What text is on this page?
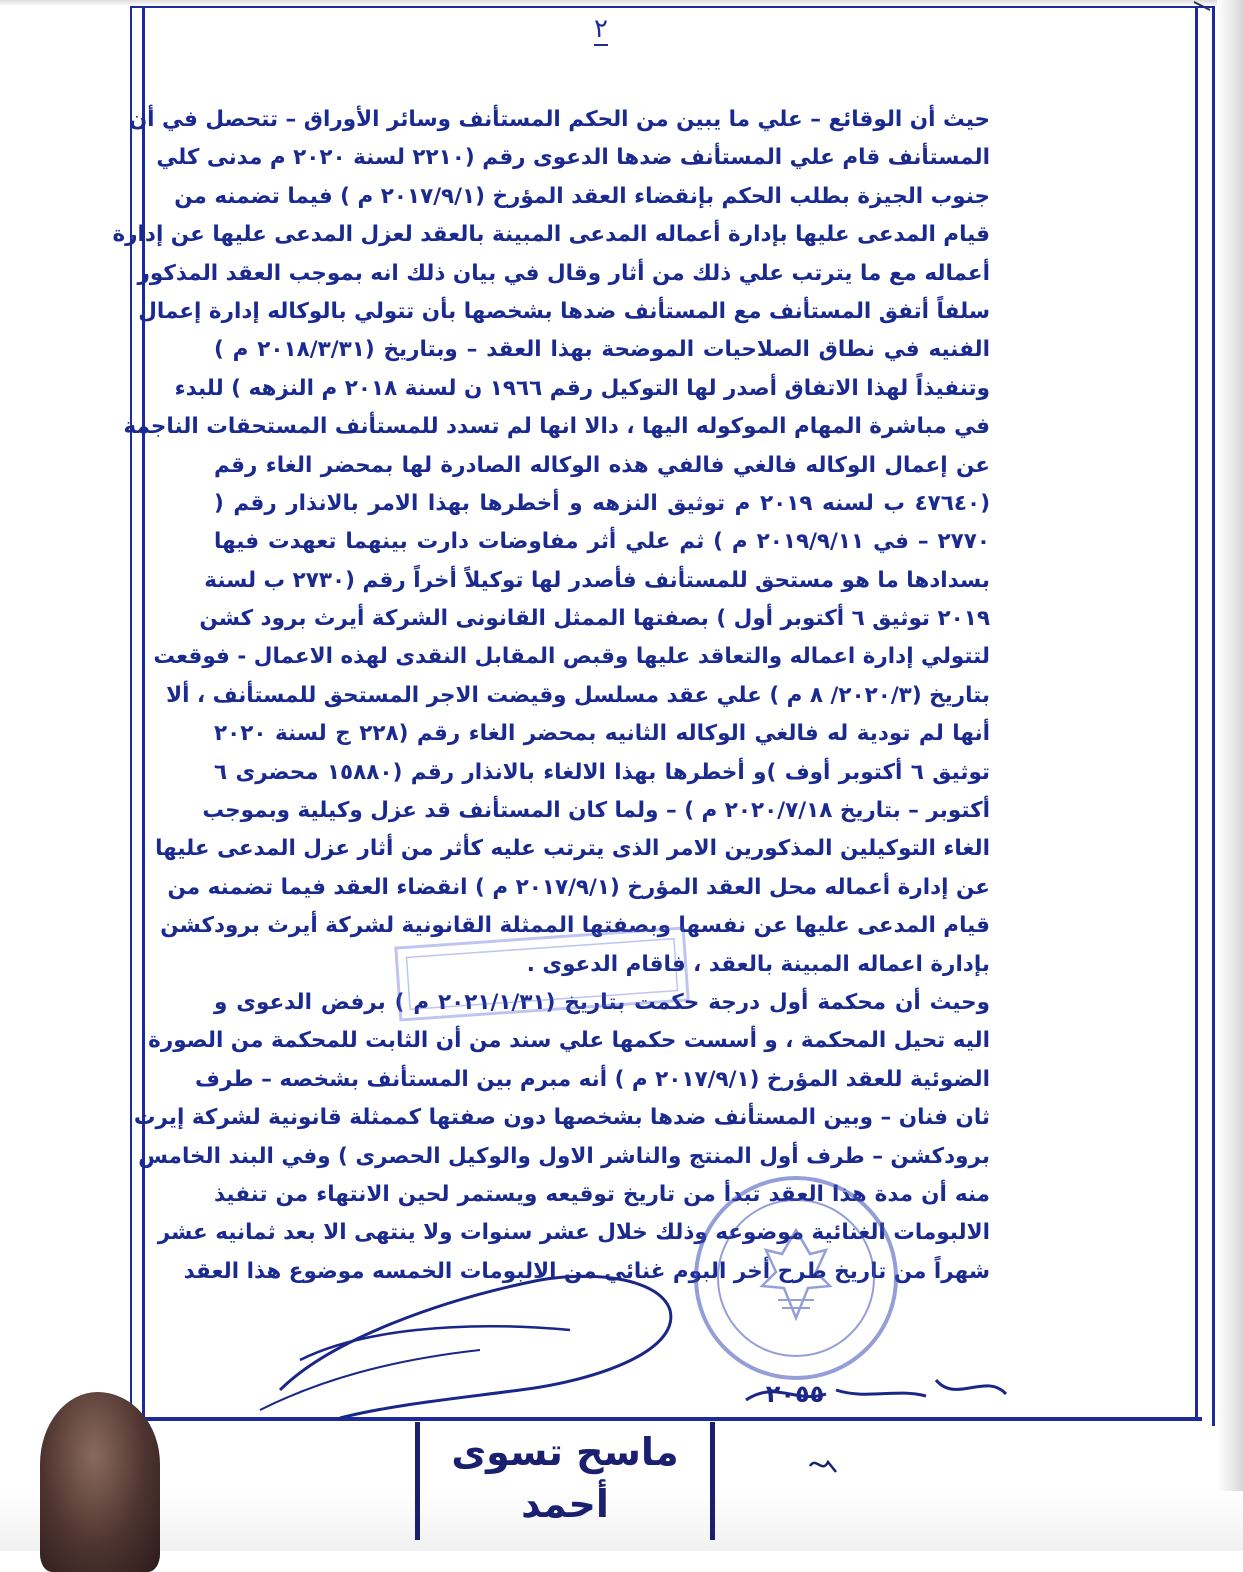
٢
حيث أن الوقائع – علي ما يبين من الحكم المستأنف وسائر الأوراق – تتحصل في أن
المستأنف قام علي المستأنف ضدها الدعوى رقم (٢٢١٠ لسنة ٢٠٢٠ م مدنى كلي
جنوب الجيزة بطلب الحكم بإنقضاء العقد المؤرخ (٢٠١٧/٩/١ م ) فيما تضمنه من
قيام المدعى عليها بإدارة أعماله المدعى المبينة بالعقد لعزل المدعى عليها عن إدارة
أعماله مع ما يترتب علي ذلك من أثار وقال في بيان ذلك انه بموجب العقد المذكور
سلفاً أتفق المستأنف مع المستأنف ضدها بشخصها بأن تتولي بالوكاله إدارة إعمال
الفنيه في نطاق الصلاحيات الموضحة بهذا العقد – وبتاريخ (٢٠١٨/٣/٣١ م )
وتنفيذاً لهذا الاتفاق أصدر لها التوكيل رقم ١٩٦٦ ن لسنة ٢٠١٨ م النزهه ) للبدء
في مباشرة المهام الموكوله اليها ، دالا انها لم تسدد للمستأنف المستحقات الناجمة
عن إعمال الوكاله فالغي فالفي هذه الوكاله الصادرة لها بمحضر الغاء رقم
(٤٧٦٤٠ ب لسنه ٢٠١٩ م توثيق النزهه و أخطرها بهذا الامر بالانذار رقم (
٢٧٧٠ – في ٢٠١٩/٩/١١ م ) ثم علي أثر مفاوضات دارت بينهما تعهدت فيها
بسدادها ما هو مستحق للمستأنف فأصدر لها توكيلاً أخراً رقم (٢٧٣٠ ب لسنة
٢٠١٩ توثيق ٦ أكتوبر أول ) بصفتها الممثل القانونى الشركة أيرث برود كشن
لتتولي إدارة اعماله والتعاقد عليها وقبص المقابل النقدى لهذه الاعمال - فوقعت
بتاريخ (٢٠٢٠/٣/ ٨ م ) علي عقد مسلسل وقيضت الاجر المستحق للمستأنف ، ألا
أنها لم تودية له فالغي الوكاله الثانيه بمحضر الغاء رقم (٢٢٨ ج لسنة ٢٠٢٠
توثيق ٦ أكتوبر أوف )و أخطرها بهذا الالغاء بالانذار رقم (١٥٨٨٠ محضرى ٦
أكتوبر – بتاريخ ٢٠٢٠/٧/١٨ م ) – ولما كان المستأنف قد عزل وكيلية وبموجب
الغاء التوكيلين المذكورين الامر الذى يترتب عليه كأثر من أثار عزل المدعى عليها
عن إدارة أعماله محل العقد المؤرخ (٢٠١٧/٩/١ م ) انقضاء العقد فيما تضمنه من
قيام المدعى عليها عن نفسها وبصفتها الممثلة القانونية لشركة أيرث برودكشن
بإدارة اعماله المبينة بالعقد ، فاقام الدعوى .
وحيث أن محكمة أول درجة حكمت بتاريخ (٢٠٢١/١/٣١ م ) برفض الدعوى و
اليه تحيل المحكمة ، و أسست حكمها علي سند من أن الثابت للمحكمة من الصورة
الضوئية للعقد المؤرخ (٢٠١٧/٩/١ م ) أنه مبرم بين المستأنف بشخصه – طرف
ثان فنان – وبين المستأنف ضدها بشخصها دون صفتها كممثلة قانونية لشركة إيرث
برودكشن – طرف أول المنتج والناشر الاول والوكيل الحصرى ) وفي البند الخامس
منه أن مدة هذا العقد تبدأ من تاريخ توقيعه ويستمر لحين الانتهاء من تنفيذ
الالبومات الغنائية موضوعه وذلك خلال عشر سنوات ولا ينتهى الا بعد ثمانيه عشر
شهراً من تاريخ طرح أخر البوم غنائي من الالبومات الخمسه موضوع هذا العقد
٢٠٥٥
ماسح تسوى
أحمد
